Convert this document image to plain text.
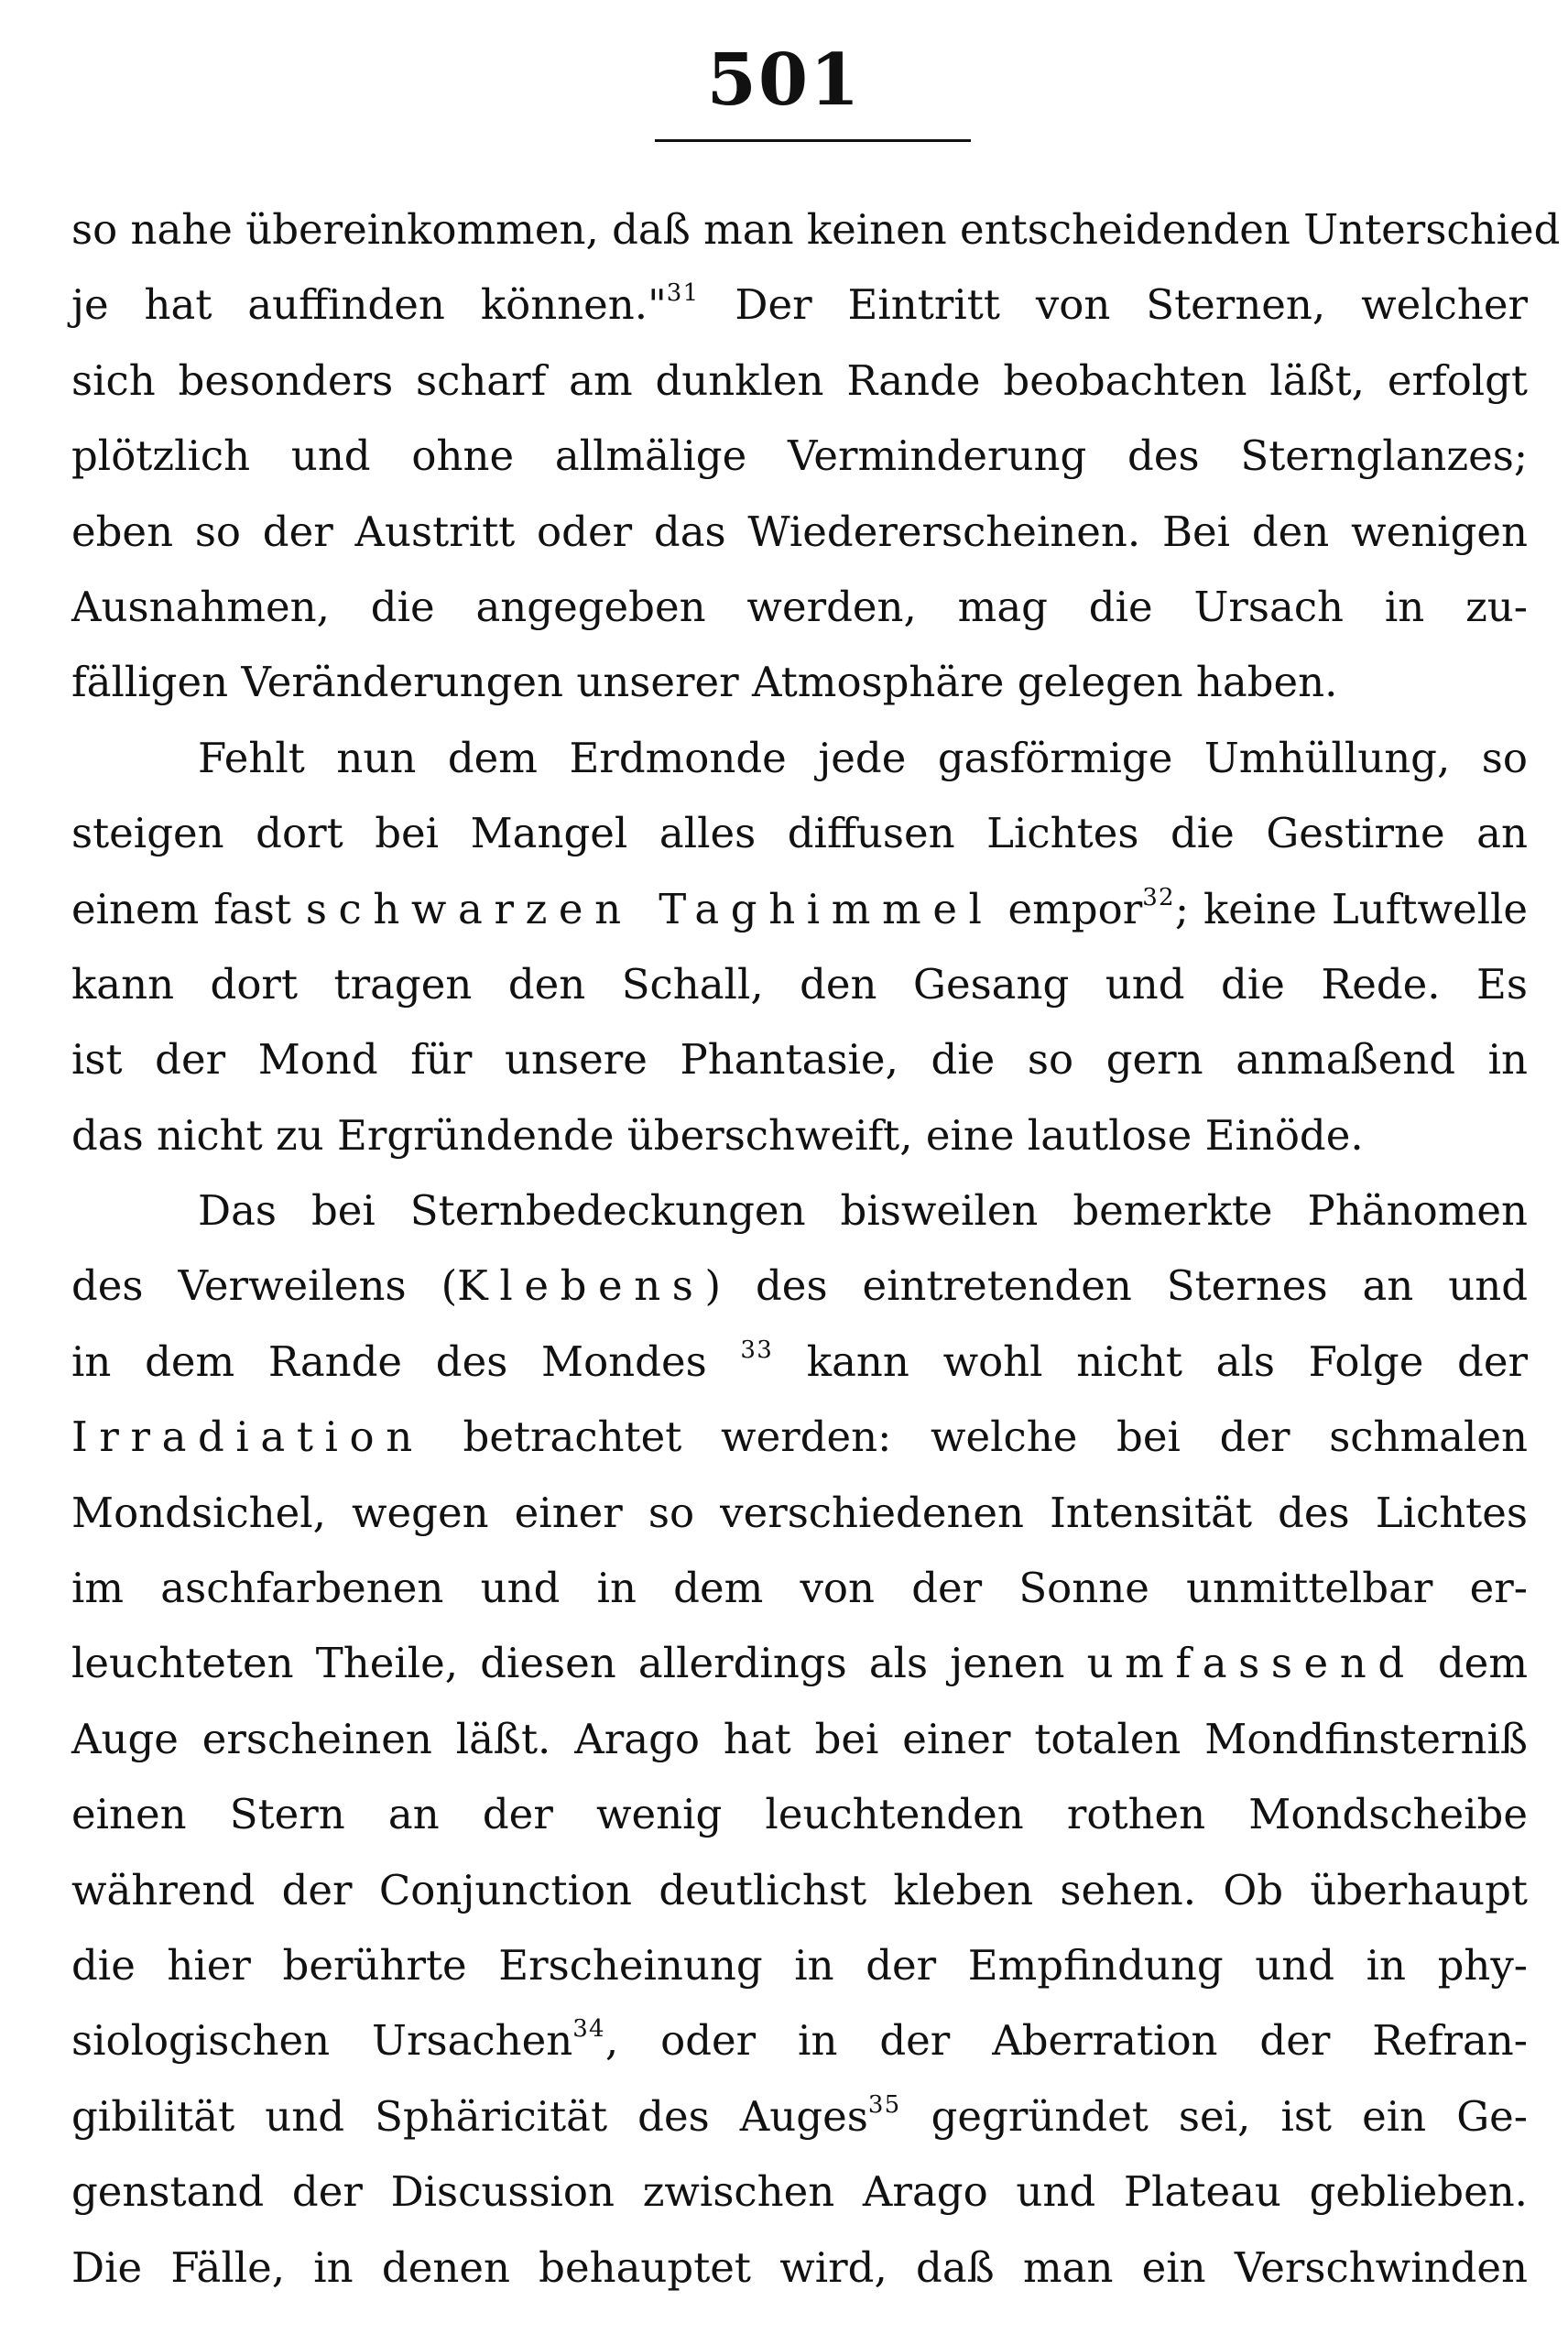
501
so nahe übereinkommen, daß man keinen entscheidenden Unterschied
je hat auffinden können."$^{31}$ Der Eintritt von Sternen, welcher
sich besonders scharf am dunklen Rande beobachten läßt, erfolgt
plötzlich und ohne allmälige Verminderung des Sternglanzes;
eben so der Austritt oder das Wiedererscheinen. Bei den wenigen
Ausnahmen, die angegeben werden, mag die Ursach in zu-
fälligen Veränderungen unserer Atmosphäre gelegen haben.
Fehlt nun dem Erdmonde jede gasförmige Umhüllung, so
steigen dort bei Mangel alles diffusen Lichtes die Gestirne an
einem fast schwarzen Taghimmel empor$^{32}$; keine Luftwelle
kann dort tragen den Schall, den Gesang und die Rede. Es
ist der Mond für unsere Phantasie, die so gern anmaßend in
das nicht zu Ergründende überschweift, eine lautlose Einöde.
Das bei Sternbedeckungen bisweilen bemerkte Phänomen
des Verweilens (Klebens) des eintretenden Sternes an und
in dem Rande des Mondes $^{33}$ kann wohl nicht als Folge der
Irradiation betrachtet werden: welche bei der schmalen
Mondsichel, wegen einer so verschiedenen Intensität des Lichtes
im aschfarbenen und in dem von der Sonne unmittelbar er-
leuchteten Theile, diesen allerdings als jenen umfassend dem
Auge erscheinen läßt. Arago hat bei einer totalen Mondfinsterniß
einen Stern an der wenig leuchtenden rothen Mondscheibe
während der Conjunction deutlichst kleben sehen. Ob überhaupt
die hier berührte Erscheinung in der Empfindung und in phy-
siologischen Ursachen$^{34}$, oder in der Aberration der Refran-
gibilität und Sphäricität des Auges$^{35}$ gegründet sei, ist ein Ge-
genstand der Discussion zwischen Arago und Plateau geblieben.
Die Fälle, in denen behauptet wird, daß man ein Verschwinden
